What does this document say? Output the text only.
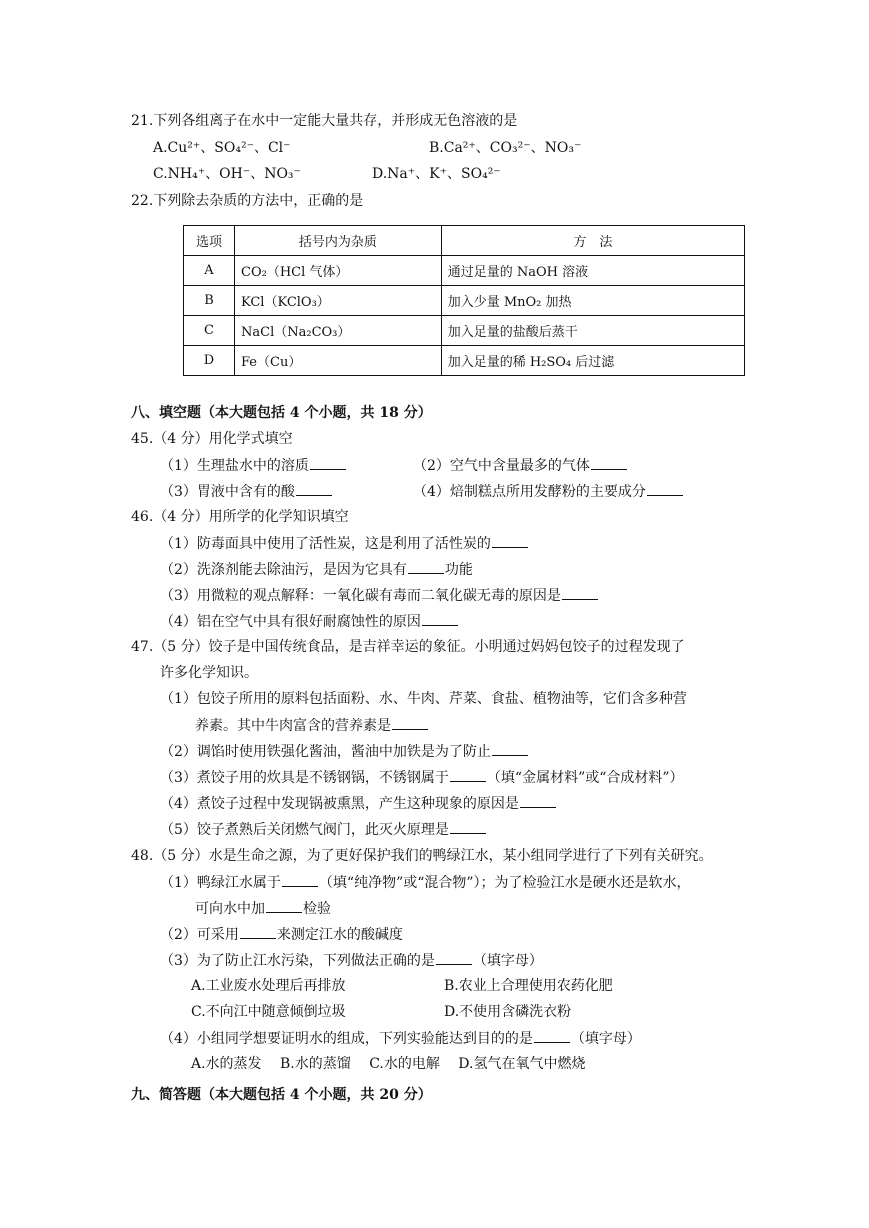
21.下列各组离子在水中一定能大量共存，并形成无色溶液的是
A.Cu²⁺、SO₄²⁻、Cl⁻	B.Ca²⁺、CO₃²⁻、NO₃⁻
C.NH₄⁺、OH⁻、NO₃⁻	D.Na⁺、K⁺、SO₄²⁻
22.下列除去杂质的方法中，正确的是
选项	括号内为杂质	方　法
A	CO₂（HCl 气体）	通过足量的 NaOH 溶液
B	KCl（KClO₃）	加入少量 MnO₂ 加热
C	NaCl（Na₂CO₃）	加入足量的盐酸后蒸干
D	Fe（Cu）	加入足量的稀 H₂SO₄ 后过滤
八、填空题（本大题包括 4 个小题，共 18 分）
45.（4 分）用化学式填空
（1）生理盐水中的溶质	（2）空气中含量最多的气体
（3）胃液中含有的酸	（4）焙制糕点所用发酵粉的主要成分
46.（4 分）用所学的化学知识填空
（1）防毒面具中使用了活性炭，这是利用了活性炭的
（2）洗涤剂能去除油污，是因为它具有	功能
（3）用微粒的观点解释：一氧化碳有毒而二氧化碳无毒的原因是
（4）铝在空气中具有很好耐腐蚀性的原因
47.（5 分）饺子是中国传统食品，是吉祥幸运的象征。小明通过妈妈包饺子的过程发现了
许多化学知识。
（1）包饺子所用的原料包括面粉、水、牛肉、芹菜、食盐、植物油等，它们含多种营
养素。其中牛肉富含的营养素是
（2）调馅时使用铁强化酱油，酱油中加铁是为了防止
（3）煮饺子用的炊具是不锈钢锅，不锈钢属于	（填“金属材料”或“合成材料”）
（4）煮饺子过程中发现锅被熏黑，产生这种现象的原因是
（5）饺子煮熟后关闭燃气阀门，此灭火原理是
48.（5 分）水是生命之源，为了更好保护我们的鸭绿江水，某小组同学进行了下列有关研究。
（1）鸭绿江水属于	（填“纯净物”或“混合物”）；为了检验江水是硬水还是软水，
可向水中加	检验
（2）可采用	来测定江水的酸碱度
（3）为了防止江水污染，下列做法正确的是	（填字母）
A.工业废水处理后再排放	B.农业上合理使用农药化肥
C.不向江中随意倾倒垃圾	D.不使用含磷洗衣粉
（4）小组同学想要证明水的组成，下列实验能达到目的的是	（填字母）
A.水的蒸发　 B.水的蒸馏　 C.水的电解　 D.氢气在氧气中燃烧
九、简答题（本大题包括 4 个小题，共 20 分）
